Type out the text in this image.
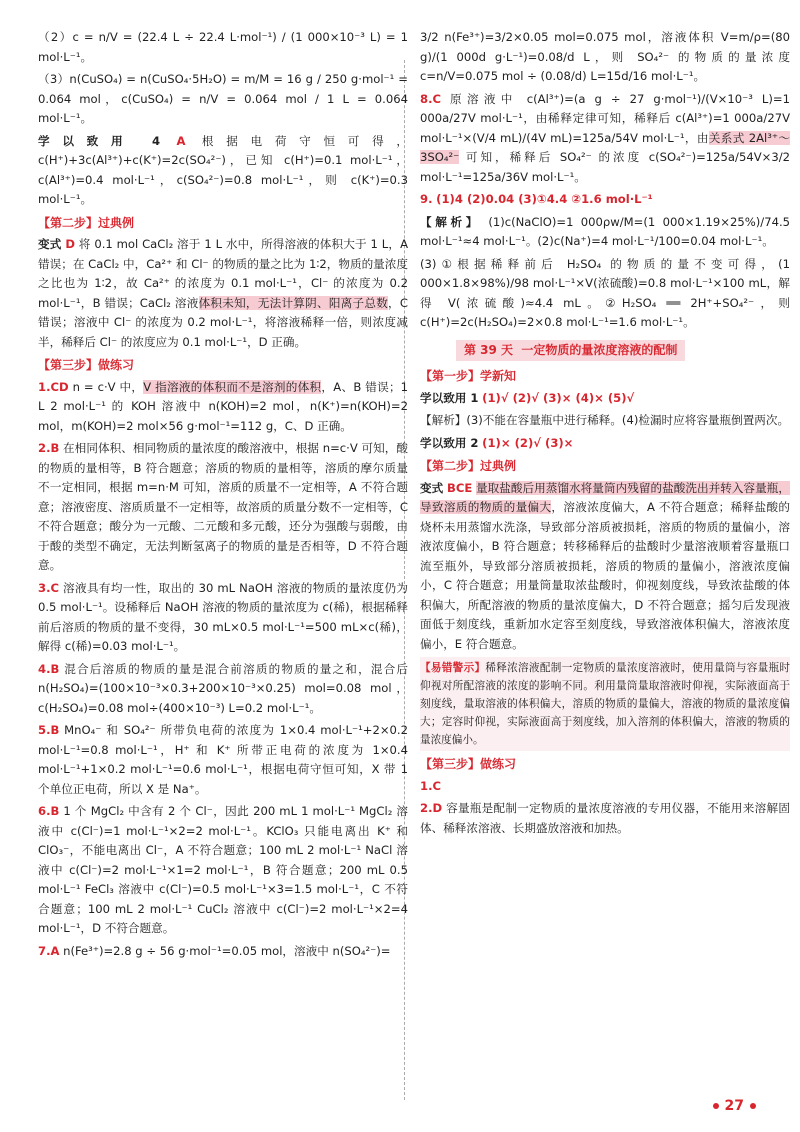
（2）c = n/V = (22.4 L ÷ 22.4 L·mol⁻¹) / (1 000×10⁻³ L) = 1 mol·L⁻¹。

（3）n(CuSO₄) = n(CuSO₄·5H₂O) = m/M = 16 g / 250 g·mol⁻¹ = 0.064 mol，c(CuSO₄) = n/V = 0.064 mol / 1 L = 0.064 mol·L⁻¹。

学以致用 4 A 根据电荷守恒可得，c(H⁺)+3c(Al³⁺)+c(K⁺)=2c(SO₄²⁻)，已知 c(H⁺)=0.1 mol·L⁻¹，c(Al³⁺)=0.4 mol·L⁻¹，c(SO₄²⁻)=0.8 mol·L⁻¹，则 c(K⁺)=0.3 mol·L⁻¹。

【第二步】过典例

变式 D 将 0.1 mol CaCl₂ 溶于 1 L 水中，所得溶液的体积大于 1 L，A 错误；在 CaCl₂ 中，Ca²⁺ 和 Cl⁻ 的物质的量之比为 1∶2，物质的量浓度之比也为 1∶2，故 Ca²⁺ 的浓度为 0.1 mol·L⁻¹，Cl⁻ 的浓度为 0.2 mol·L⁻¹，B 错误；CaCl₂ 溶液体积未知，无法计算阴、阳离子总数，C 错误；溶液中 Cl⁻ 的浓度为 0.2 mol·L⁻¹，将溶液稀释一倍，则浓度减半，稀释后 Cl⁻ 的浓度应为 0.1 mol·L⁻¹，D 正确。

【第三步】做练习

1.CD n = c·V 中，V 指溶液的体积而不是溶剂的体积，A、B 错误；1 L 2 mol·L⁻¹ 的 KOH 溶液中 n(KOH)=2 mol，n(K⁺)=n(KOH)=2 mol，m(KOH)=2 mol×56 g·mol⁻¹=112 g，C、D 正确。

2.B 在相同体积、相同物质的量浓度的酸溶液中，根据 n=c·V 可知，酸的物质的量相等，B 符合题意；溶质的物质的量相等，溶质的摩尔质量不一定相同，根据 m=n·M 可知，溶质的质量不一定相等，A 不符合题意；溶液密度、溶质质量不一定相等，故溶质的质量分数不一定相等，C 不符合题意；酸分为一元酸、二元酸和多元酸，还分为强酸与弱酸，由于酸的类型不确定，无法判断氢离子的物质的量是否相等，D 不符合题意。

3.C 溶液具有均一性，取出的 30 mL NaOH 溶液的物质的量浓度仍为 0.5 mol·L⁻¹。设稀释后 NaOH 溶液的物质的量浓度为 c(稀)，根据稀释前后溶质的物质的量不变得，30 mL×0.5 mol·L⁻¹=500 mL×c(稀)，解得 c(稀)=0.03 mol·L⁻¹。

4.B 混合后溶质的物质的量是混合前溶质的物质的量之和，混合后 n(H₂SO₄)=(100×10⁻³×0.3+200×10⁻³×0.25) mol=0.08 mol，c(H₂SO₄)=0.08 mol÷(400×10⁻³) L=0.2 mol·L⁻¹。

5.B MnO₄⁻ 和 SO₄²⁻ 所带负电荷的浓度为 1×0.4 mol·L⁻¹+2×0.2 mol·L⁻¹=0.8 mol·L⁻¹，H⁺ 和 K⁺ 所带正电荷的浓度为 1×0.4 mol·L⁻¹+1×0.2 mol·L⁻¹=0.6 mol·L⁻¹，根据电荷守恒可知，X 带 1 个单位正电荷，所以 X 是 Na⁺。

6.B 1 个 MgCl₂ 中含有 2 个 Cl⁻，因此 200 mL 1 mol·L⁻¹ MgCl₂ 溶液中 c(Cl⁻)=1 mol·L⁻¹×2=2 mol·L⁻¹。KClO₃ 只能电离出 K⁺ 和 ClO₃⁻，不能电离出 Cl⁻，A 不符合题意；100 mL 2 mol·L⁻¹ NaCl 溶液中 c(Cl⁻)=2 mol·L⁻¹×1=2 mol·L⁻¹，B 符合题意；200 mL 0.5 mol·L⁻¹ FeCl₃ 溶液中 c(Cl⁻)=0.5 mol·L⁻¹×3=1.5 mol·L⁻¹，C 不符合题意；100 mL 2 mol·L⁻¹ CuCl₂ 溶液中 c(Cl⁻)=2 mol·L⁻¹×2=4 mol·L⁻¹，D 不符合题意。

7.A n(Fe³⁺)=2.8 g ÷ 56 g·mol⁻¹=0.05 mol，溶液中 n(SO₄²⁻)=

3/2 n(Fe³⁺)=3/2×0.05 mol=0.075 mol，溶液体积 V=m/ρ=(80 g)/(1 000d g·L⁻¹)=0.08/d L，则 SO₄²⁻ 的物质的量浓度 c=n/V=0.075 mol ÷ (0.08/d) L=15d/16 mol·L⁻¹。

8.C 原溶液中 c(Al³⁺)=(a g ÷ 27 g·mol⁻¹)/(V×10⁻³ L)=1 000a/27V mol·L⁻¹，由稀释定律可知，稀释后 c(Al³⁺)=1 000a/27V mol·L⁻¹×(V/4 mL)/(4V mL)=125a/54V mol·L⁻¹，由关系式 2Al³⁺～3SO₄²⁻ 可知，稀释后 SO₄²⁻ 的浓度 c(SO₄²⁻)=125a/54V×3/2 mol·L⁻¹=125a/36V mol·L⁻¹。

9. (1)4 (2)0.04 (3)①4.4 ②1.6 mol·L⁻¹

【解析】 (1)c(NaClO)=1 000ρw/M=(1 000×1.19×25%)/74.5 mol·L⁻¹≈4 mol·L⁻¹。(2)c(Na⁺)=4 mol·L⁻¹/100=0.04 mol·L⁻¹。

(3)①根据稀释前后 H₂SO₄ 的物质的量不变可得，(1 000×1.8×98%)/98 mol·L⁻¹×V(浓硫酸)=0.8 mol·L⁻¹×100 mL，解得 V(浓硫酸)≈4.4 mL。②H₂SO₄ ══ 2H⁺+SO₄²⁻，则 c(H⁺)=2c(H₂SO₄)=2×0.8 mol·L⁻¹=1.6 mol·L⁻¹。

第 39 天 一定物质的量浓度溶液的配制
【第一步】学新知

学以致用 1 (1)√ (2)√ (3)× (4)× (5)√

【解析】(3)不能在容量瓶中进行稀释。(4)检漏时应将容量瓶倒置两次。

学以致用 2 (1)× (2)√ (3)×

【第二步】过典例

变式 BCE 量取盐酸后用蒸馏水将量筒内残留的盐酸洗出并转入容量瓶，导致溶质的物质的量偏大，溶液浓度偏大，A 不符合题意；稀释盐酸的烧杯未用蒸馏水洗涤，导致部分溶质被损耗，溶质的物质的量偏小，溶液浓度偏小，B 符合题意；转移稀释后的盐酸时少量溶液顺着容量瓶口流至瓶外，导致部分溶质被损耗，溶质的物质的量偏小，溶液浓度偏小，C 符合题意；用量筒量取浓盐酸时，仰视刻度线，导致浓盐酸的体积偏大，所配溶液的物质的量浓度偏大，D 不符合题意；摇匀后发现液面低于刻度线，重新加水定容至刻度线，导致溶液体积偏大，溶液浓度偏小，E 符合题意。

【易错警示】稀释浓溶液配制一定物质的量浓度溶液时，使用量筒与容量瓶时仰视对所配溶液的浓度的影响不同。利用量筒量取溶液时仰视，实际液面高于刻度线，量取溶液的体积偏大，溶质的物质的量偏大，溶液的物质的量浓度偏大；定容时仰视，实际液面高于刻度线，加入溶剂的体积偏大，溶液的物质的量浓度偏小。

【第三步】做练习

1.C

2.D 容量瓶是配制一定物质的量浓度溶液的专用仪器，不能用来溶解固体、稀释浓溶液、长期盛放溶液和加热。

27
